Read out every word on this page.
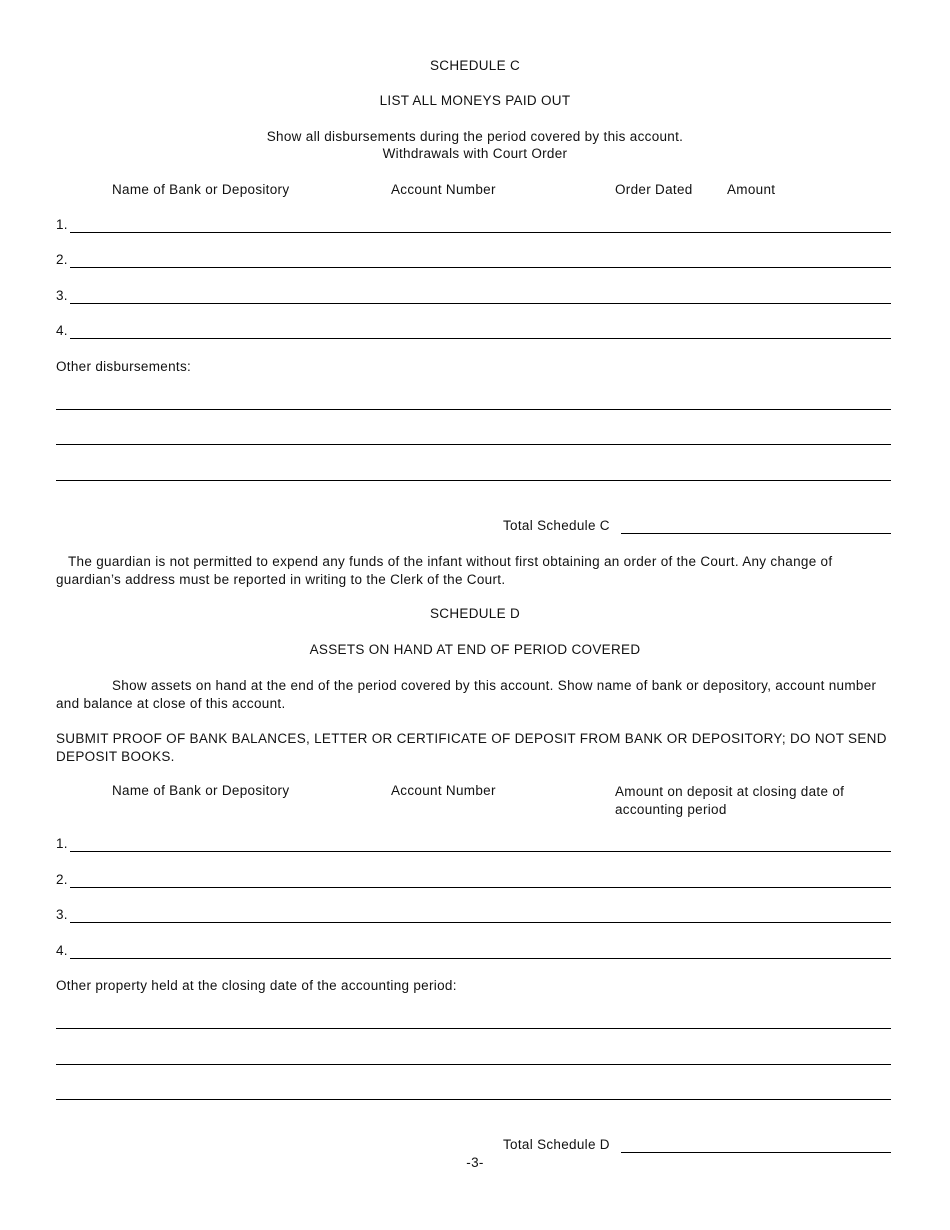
SCHEDULE C
LIST ALL MONEYS PAID OUT
Show all disbursements during the period covered by this account.
Withdrawals with Court Order
Name of Bank or Depository	Account Number	Order Dated	Amount
1.
2.
3.
4.
Other disbursements:
Total Schedule C
The guardian is not permitted to expend any funds of the infant without first obtaining an order of the Court. Any change of guardian’s address must be reported in writing to the Clerk of the Court.
SCHEDULE D
ASSETS ON HAND AT END OF PERIOD COVERED
Show assets on hand at the end of the period covered by this account. Show name of bank or depository, account number and balance at close of this account.
SUBMIT PROOF OF BANK BALANCES, LETTER OR CERTIFICATE OF DEPOSIT FROM BANK OR DEPOSITORY; DO NOT SEND DEPOSIT BOOKS.
Name of Bank or Depository	Account Number	Amount on deposit at closing date of accounting period
1.
2.
3.
4.
Other property held at the closing date of the accounting period:
Total Schedule D
-3-
